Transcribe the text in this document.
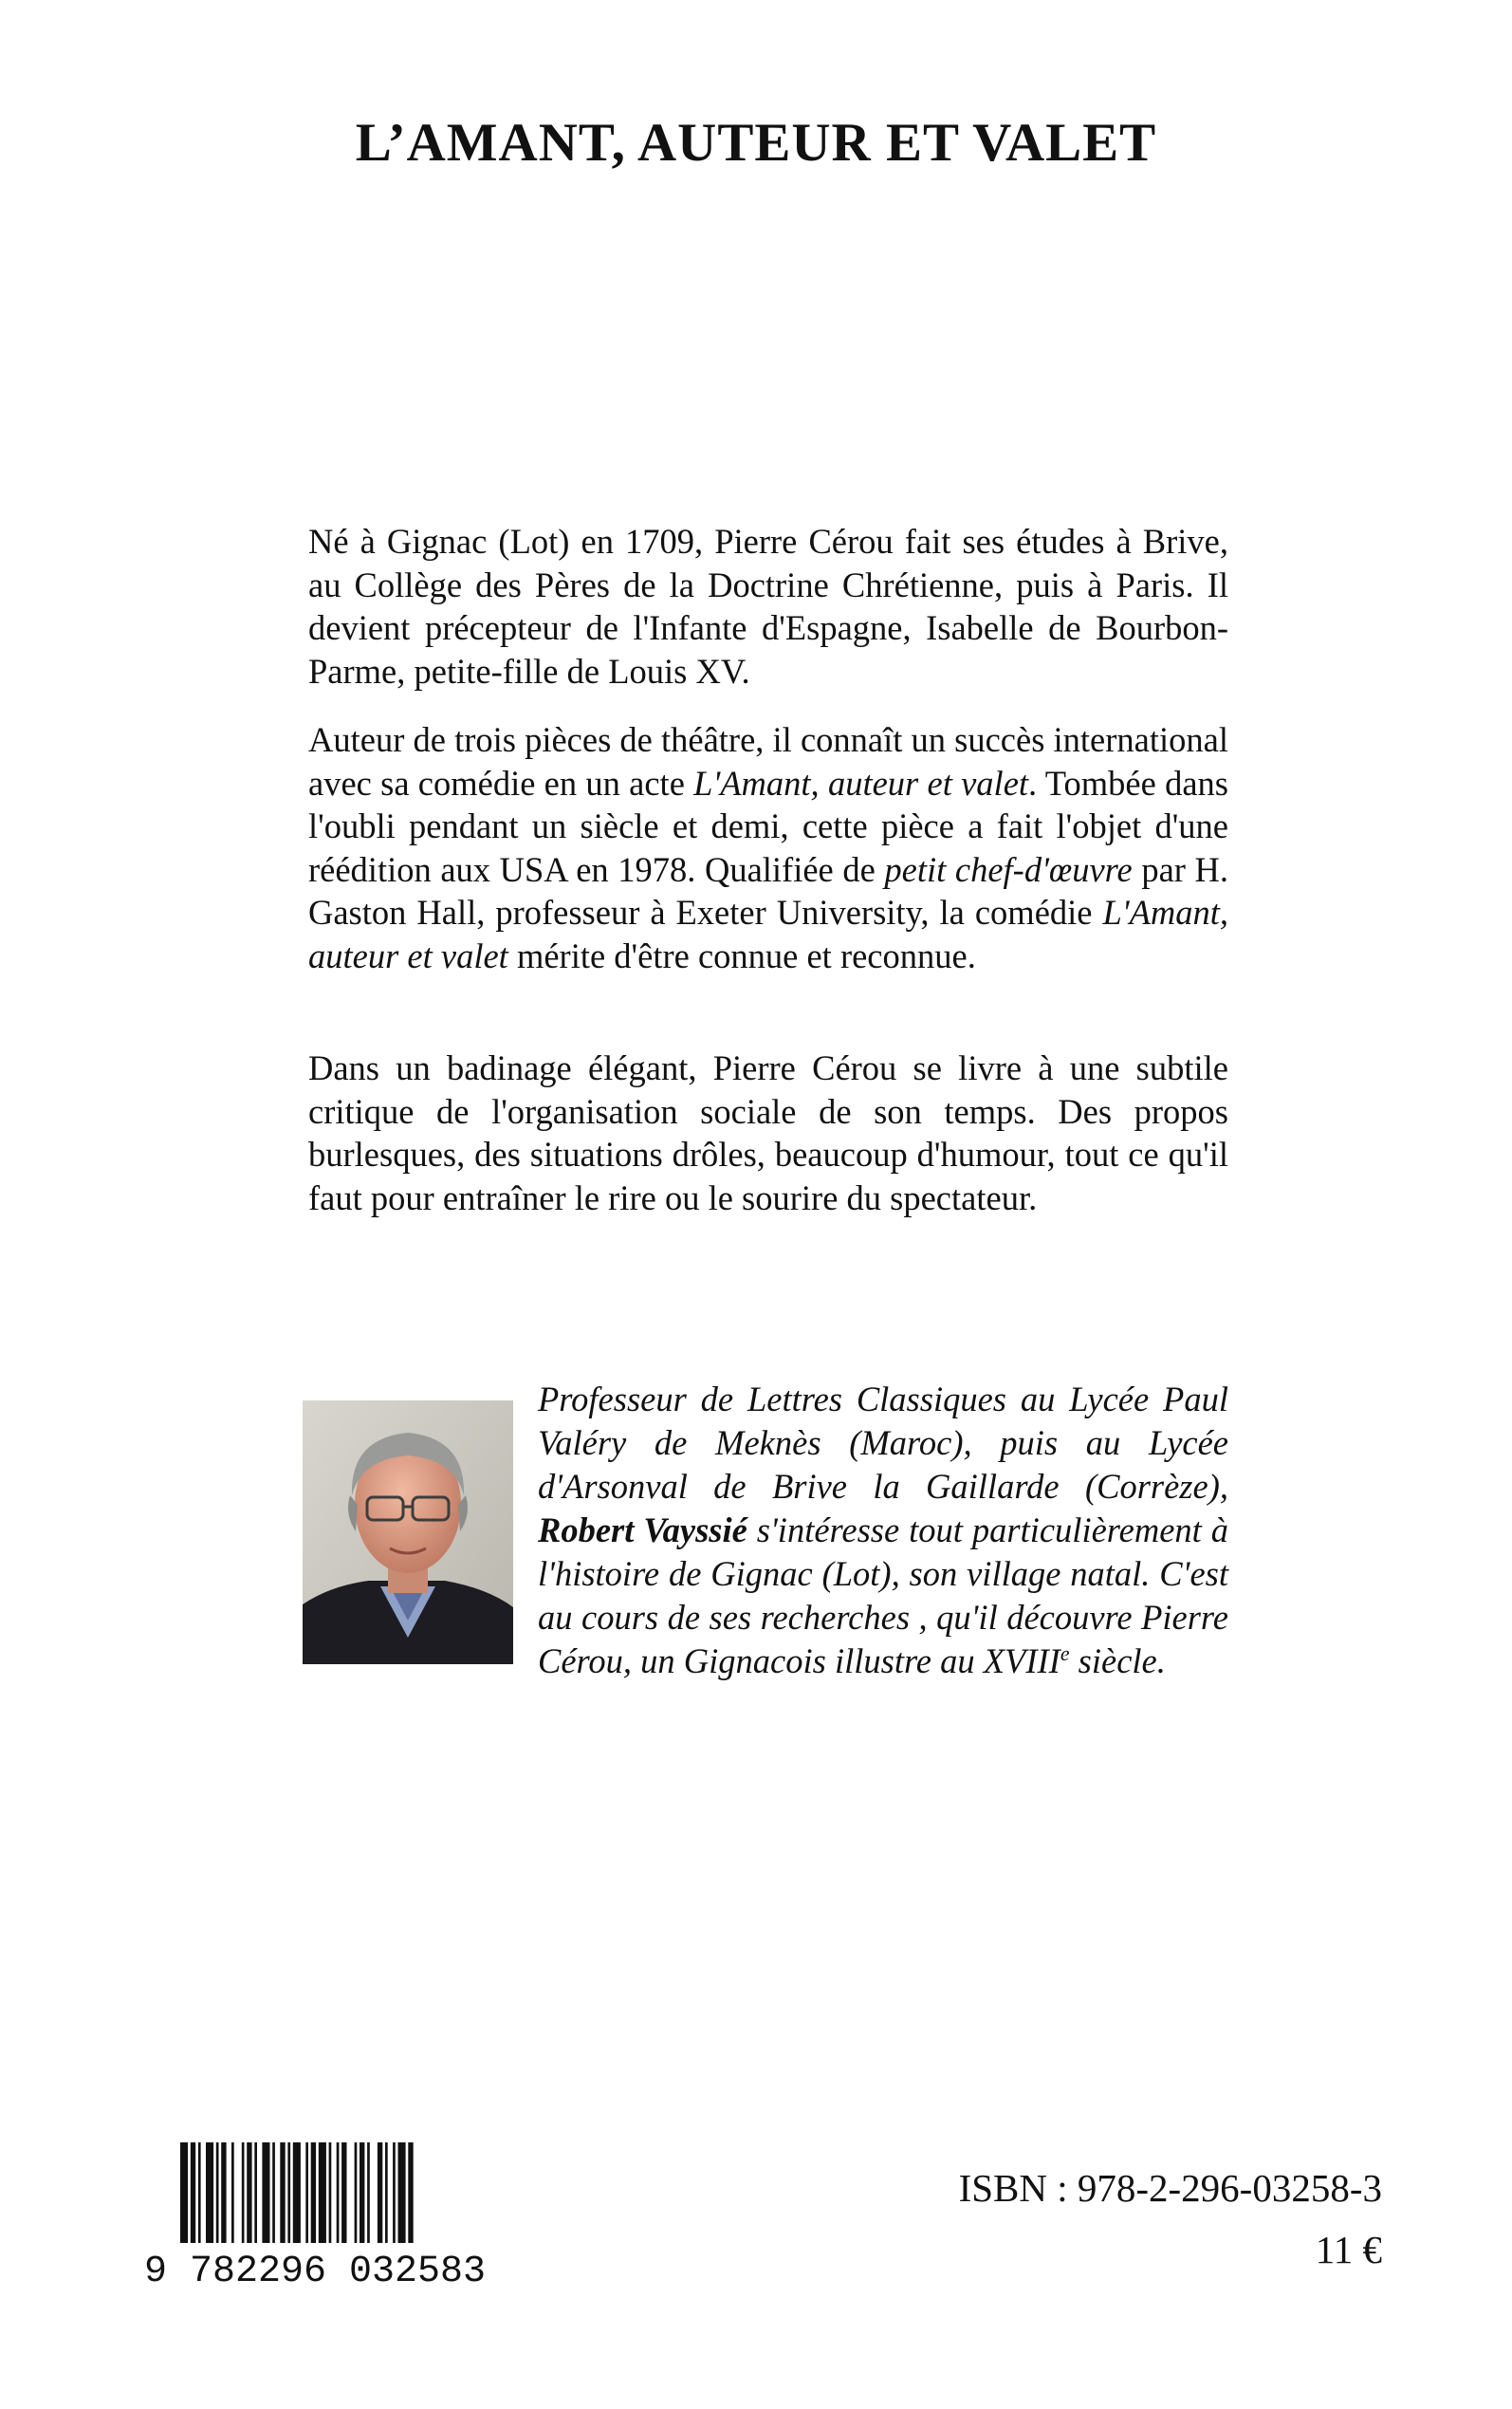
L’AMANT, AUTEUR ET VALET

Né à Gignac (Lot) en 1709, Pierre Cérou fait ses études à Brive, au Collège des Pères de la Doctrine Chrétienne, puis à Paris. Il devient précepteur de l'Infante d'Espagne, Isabelle de Bourbon-Parme, petite-fille de Louis XV.

Auteur de trois pièces de théâtre, il connaît un succès international avec sa comédie en un acte L'Amant, auteur et valet. Tombée dans l'oubli pendant un siècle et demi, cette pièce a fait l'objet d'une réédition aux USA en 1978. Qualifiée de petit chef-d'œuvre par H. Gaston Hall, professeur à Exeter University, la comédie L'Amant, auteur et valet mérite d'être connue et reconnue.

Dans un badinage élégant, Pierre Cérou se livre à une subtile critique de l'organisation sociale de son temps. Des propos burlesques, des situations drôles, beaucoup d'humour, tout ce qu'il faut pour entraîner le rire ou le sourire du spectateur.

Professeur de Lettres Classiques au Lycée Paul Valéry de Meknès (Maroc), puis au Lycée d'Arsonval de Brive la Gaillarde (Corrèze), Robert Vayssié s'intéresse tout particulièrement à l'histoire de Gignac (Lot), son village natal. C'est au cours de ses recherches , qu'il découvre Pierre Cérou, un Gignacois illustre au XVIIIe siècle.

9 782296 032583
ISBN : 978-2-296-03258-3
11 €
